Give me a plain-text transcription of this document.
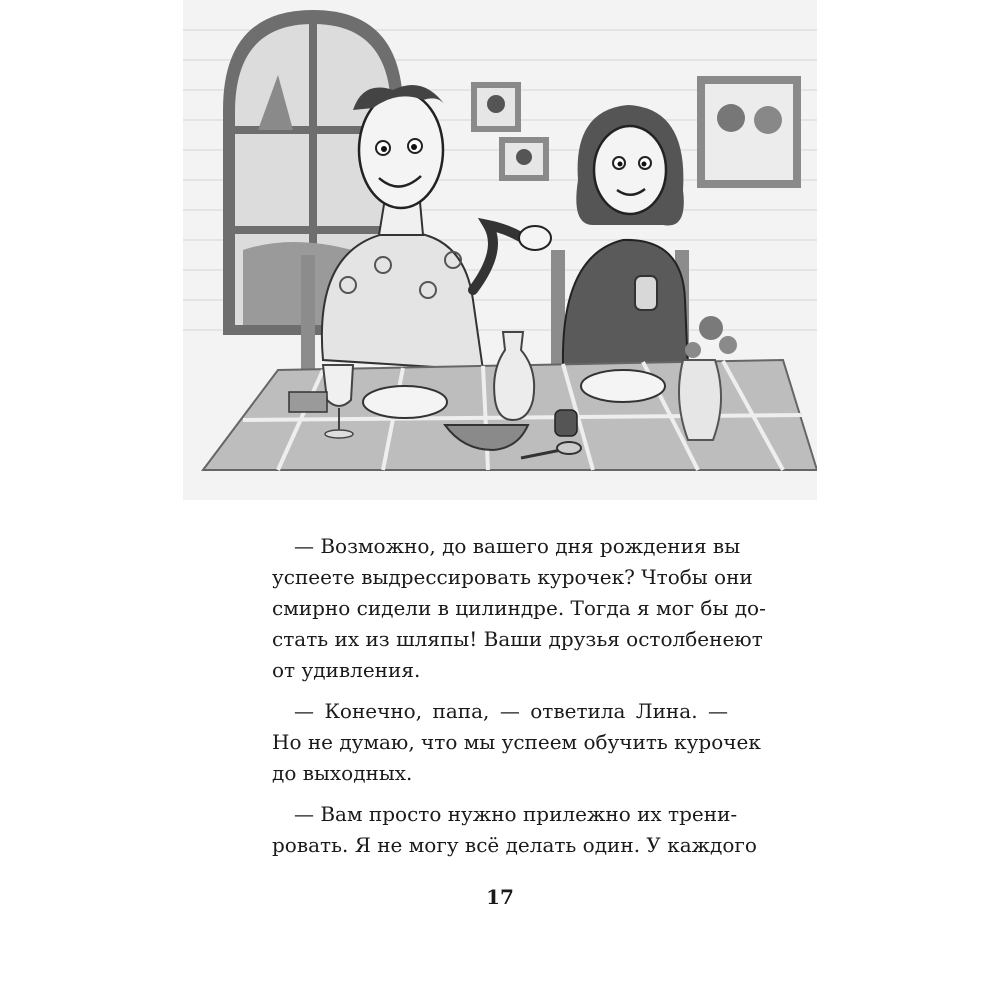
— Возможно, до вашего дня рождения вы
успеете выдрессировать курочек? Чтобы они
смирно сидели в цилиндре. Тогда я мог бы до-
стать их из шляпы! Ваши друзья остолбенеют
от удивления.

— Конечно, папа, — ответила Лина. —
Но не думаю, что мы успеем обучить курочек
до выходных.

— Вам просто нужно прилежно их трени-
ровать. Я не могу всё делать один. У каждого

17
